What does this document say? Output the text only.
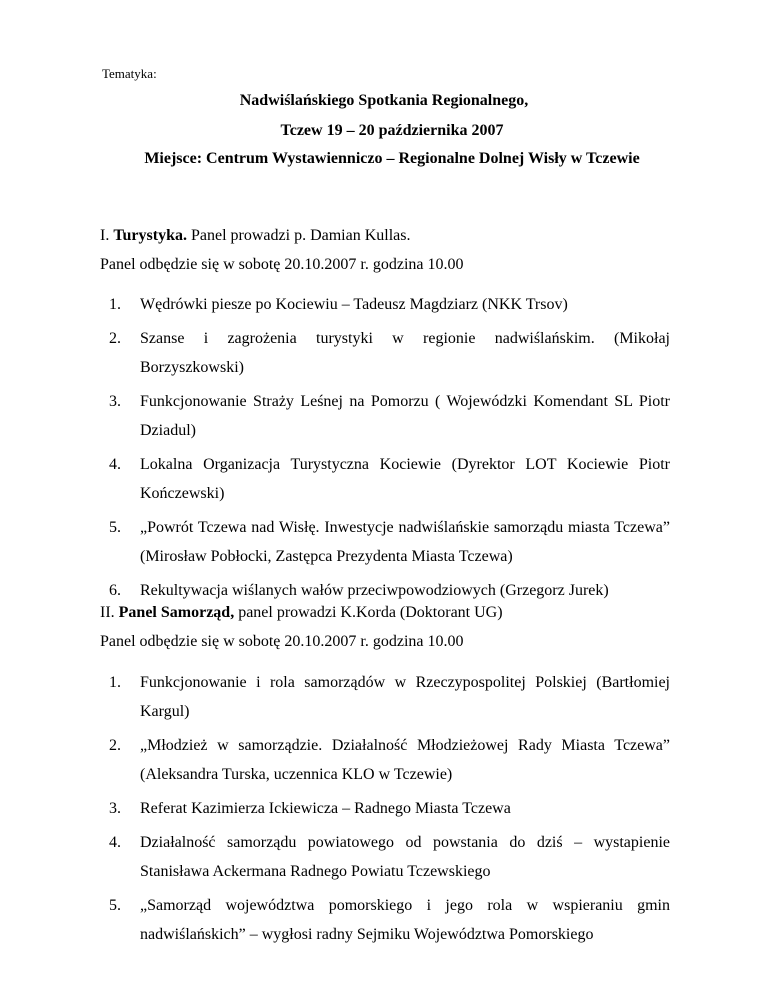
Tematyka:
Nadwiślańskiego Spotkania Regionalnego,
Tczew 19 – 20 października 2007
Miejsce: Centrum Wystawienniczo – Regionalne Dolnej Wisły w Tczewie
I. Turystyka. Panel prowadzi p. Damian Kullas.
Panel odbędzie się w sobotę 20.10.2007 r. godzina 10.00
1. Wędrówki piesze po Kociewiu – Tadeusz Magdziarz (NKK Trsov)
2. Szanse i zagrożenia turystyki w regionie nadwiślańskim. (Mikołaj Borzyszkowski)
3. Funkcjonowanie Straży Leśnej na Pomorzu ( Wojewódzki Komendant SL Piotr Dziadul)
4. Lokalna Organizacja Turystyczna Kociewie (Dyrektor LOT Kociewie Piotr Kończewski)
5. „Powrót Tczewa nad Wisłę. Inwestycje nadwiślańskie samorządu miasta Tczewa” (Mirosław Pobłocki, Zastępca Prezydenta Miasta Tczewa)
6. Rekultywacja wiślanych wałów przeciwpowodziowych (Grzegorz Jurek)
II. Panel Samorząd, panel prowadzi K.Korda (Doktorant UG)
Panel odbędzie się w sobotę 20.10.2007 r. godzina 10.00
1. Funkcjonowanie i rola samorządów w Rzeczypospolitej Polskiej (Bartłomiej Kargul)
2. „Młodzież w samorządzie. Działalność Młodzieżowej Rady Miasta Tczewa” (Aleksandra Turska, uczennica KLO w Tczewie)
3. Referat Kazimierza Ickiewicza – Radnego Miasta Tczewa
4. Działalność samorządu powiatowego od powstania do dziś – wystapienie Stanisława Ackermana Radnego Powiatu Tczewskiego
5. „Samorząd województwa pomorskiego i jego rola w wspieraniu gmin nadwiślańskich” – wygłosi radny Sejmiku Województwa Pomorskiego
